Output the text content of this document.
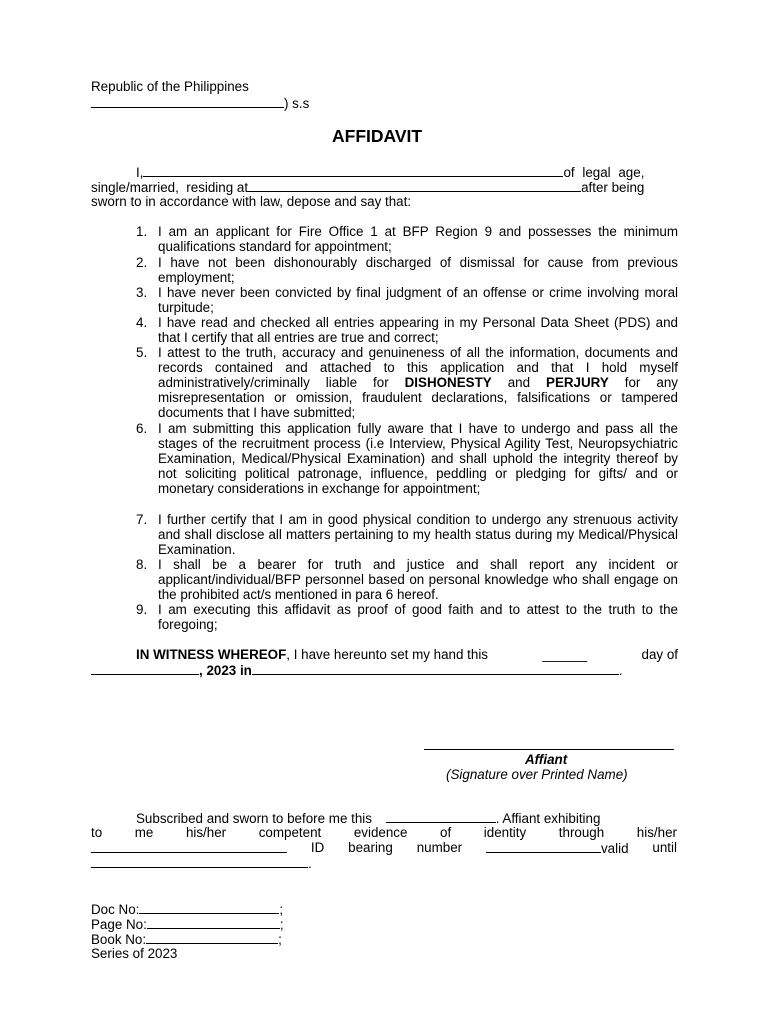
Republic of the Philippines
) s.s
AFFIDAVIT
I,	of legal age,
single/married, residing at	after being
sworn to in accordance with law, depose and say that:
1. I am an applicant for Fire Office 1 at BFP Region 9 and possesses the minimum qualifications standard for appointment;
2. I have not been dishonourably discharged of dismissal for cause from previous employment;
3. I have never been convicted by final judgment of an offense or crime involving moral turpitude;
4. I have read and checked all entries appearing in my Personal Data Sheet (PDS) and that I certify that all entries are true and correct;
5. I attest to the truth, accuracy and genuineness of all the information, documents and records contained and attached to this application and that I hold myself administratively/criminally liable for DISHONESTY and PERJURY for any misrepresentation or omission, fraudulent declarations, falsifications or tampered documents that I have submitted;
6. I am submitting this application fully aware that I have to undergo and pass all the stages of the recruitment process (i.e Interview, Physical Agility Test, Neuropsychiatric Examination, Medical/Physical Examination) and shall uphold the integrity thereof by not soliciting political patronage, influence, peddling or pledging for gifts/ and or monetary considerations in exchange for appointment;
7. I further certify that I am in good physical condition to undergo any strenuous activity and shall disclose all matters pertaining to my health status during my Medical/Physical Examination.
8. I shall be a bearer for truth and justice and shall report any incident or applicant/individual/BFP personnel based on personal knowledge who shall engage on the prohibited act/s mentioned in para 6 hereof.
9. I am executing this affidavit as proof of good faith and to attest to the truth to the foregoing;
IN WITNESS WHEREOF, I have hereunto set my hand this	______	day of
, 2023 in	.
Affiant
(Signature over Printed Name)
Subscribed and sworn to before me this	. Affiant exhibiting
to me his/her competent evidence of identity through his/her
ID bearing number	valid until
.
Doc No:	;
Page No:	;
Book No:	;
Series of 2023
